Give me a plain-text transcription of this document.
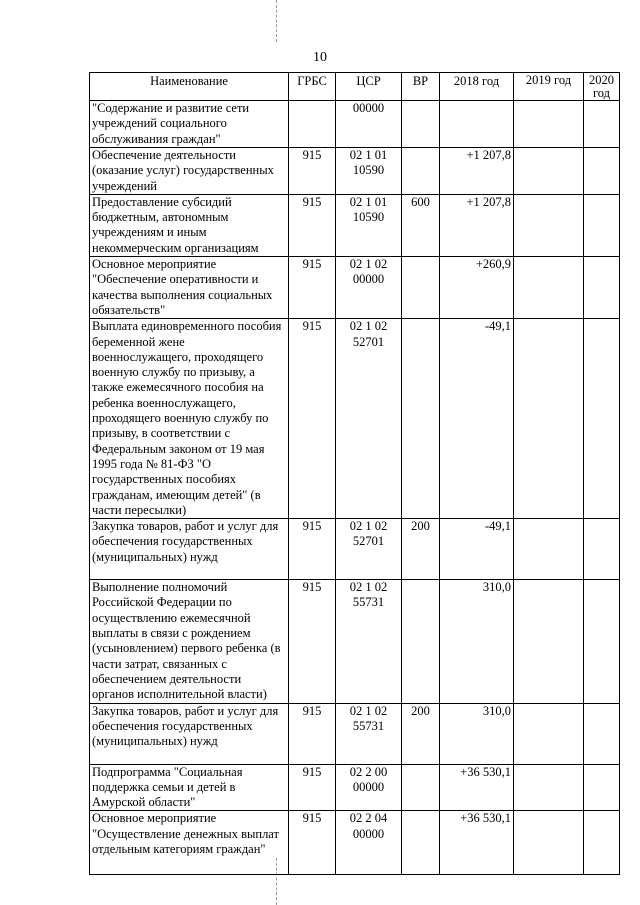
10
Наименование	ГРБС	ЦСР	ВР	2018 год	2019 год	2020 год
"Содержание и развитие сети учреждений социального обслуживания граждан"		00000				
Обеспечение деятельности (оказание услуг) государственных учреждений	915	02 1 01 10590		+1 207,8		
Предоставление субсидий бюджетным, автономным учреждениям и иным некоммерческим организациям	915	02 1 01 10590	600	+1 207,8		
Основное мероприятие "Обеспечение оперативности и качества выполнения социальных обязательств"	915	02 1 02 00000		+260,9		
Выплата единовременного пособия беременной жене военнослужащего, проходящего военную службу по призыву, а также ежемесячного пособия на ребенка военнослужащего, проходящего военную службу по призыву, в соответствии с Федеральным законом от 19 мая 1995 года № 81-ФЗ "О государственных пособиях гражданам, имеющим детей" (в части пересылки)	915	02 1 02 52701		-49,1		
Закупка товаров, работ и услуг для обеспечения государственных (муниципальных) нужд	915	02 1 02 52701	200	-49,1		
Выполнение полномочий Российской Федерации по осуществлению ежемесячной выплаты в связи с рождением (усыновлением) первого ребенка (в части затрат, связанных с обеспечением деятельности органов исполнительной власти)	915	02 1 02 55731		310,0		
Закупка товаров, работ и услуг для обеспечения государственных (муниципальных) нужд	915	02 1 02 55731	200	310,0		
Подпрограмма "Социальная поддержка семьи и детей в Амурской области"	915	02 2 00 00000		+36 530,1		
Основное мероприятие "Осуществление денежных выплат отдельным категориям граждан"	915	02 2 04 00000		+36 530,1		
